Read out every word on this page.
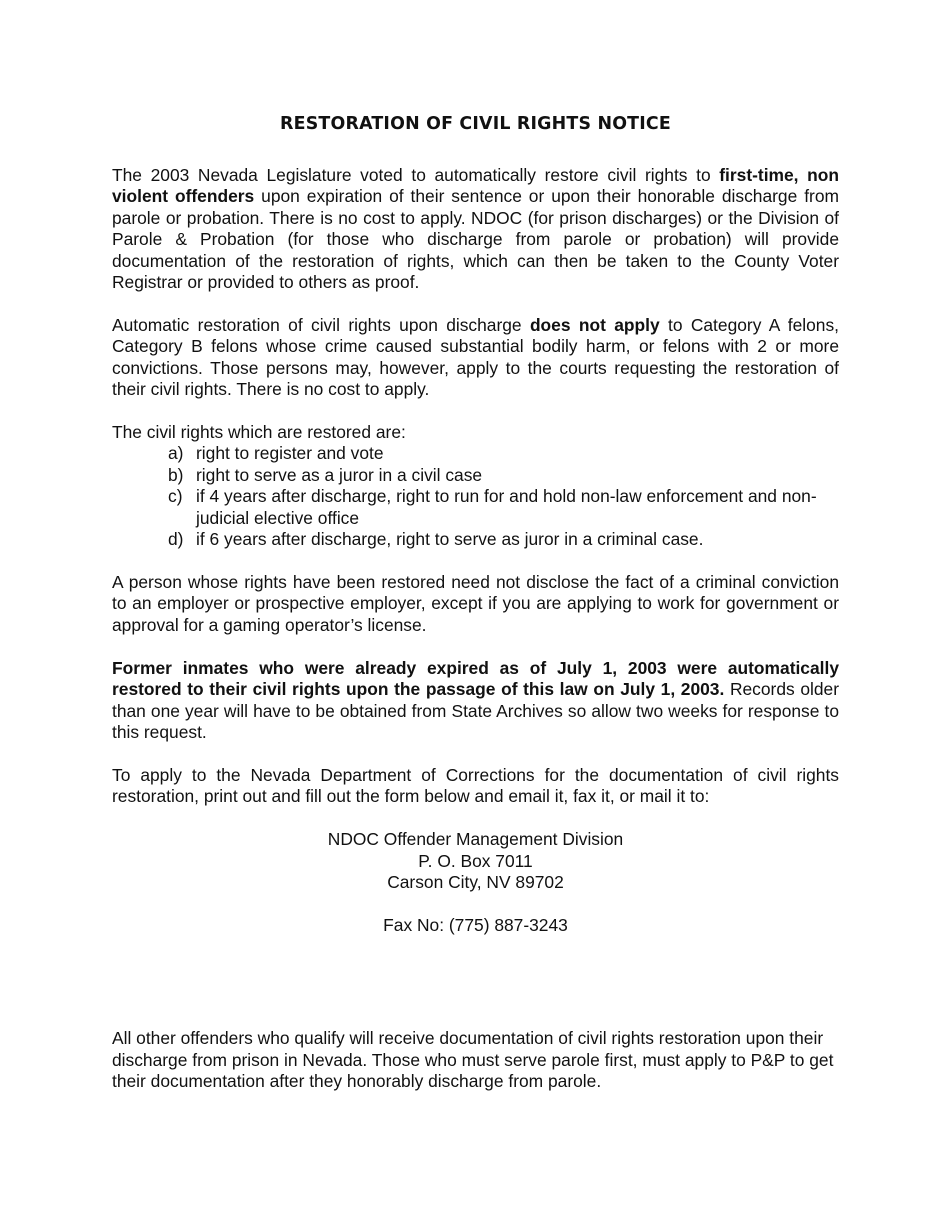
RESTORATION OF CIVIL RIGHTS NOTICE

The 2003 Nevada Legislature voted to automatically restore civil rights to first-time, non violent offenders upon expiration of their sentence or upon their honorable discharge from parole or probation. There is no cost to apply. NDOC (for prison discharges) or the Division of Parole & Probation (for those who discharge from parole or probation) will provide documentation of the restoration of rights, which can then be taken to the County Voter Registrar or provided to others as proof.

Automatic restoration of civil rights upon discharge does not apply to Category A felons, Category B felons whose crime caused substantial bodily harm, or felons with 2 or more convictions. Those persons may, however, apply to the courts requesting the restoration of their civil rights. There is no cost to apply.

The civil rights which are restored are:

a) right to register and vote
b) right to serve as a juror in a civil case
c) if 4 years after discharge, right to run for and hold non-law enforcement and non-judicial elective office
d) if 6 years after discharge, right to serve as juror in a criminal case.

A person whose rights have been restored need not disclose the fact of a criminal conviction to an employer or prospective employer, except if you are applying to work for government or approval for a gaming operator’s license.

Former inmates who were already expired as of July 1, 2003 were automatically restored to their civil rights upon the passage of this law on July 1, 2003. Records older than one year will have to be obtained from State Archives so allow two weeks for response to this request.

To apply to the Nevada Department of Corrections for the documentation of civil rights restoration, print out and fill out the form below and email it, fax it, or mail it to:

NDOC Offender Management Division
P. O. Box 7011
Carson City, NV 89702
Fax No: (775) 887-3243

All other offenders who qualify will receive documentation of civil rights restoration upon their discharge from prison in Nevada. Those who must serve parole first, must apply to P&P to get their documentation after they honorably discharge from parole.
